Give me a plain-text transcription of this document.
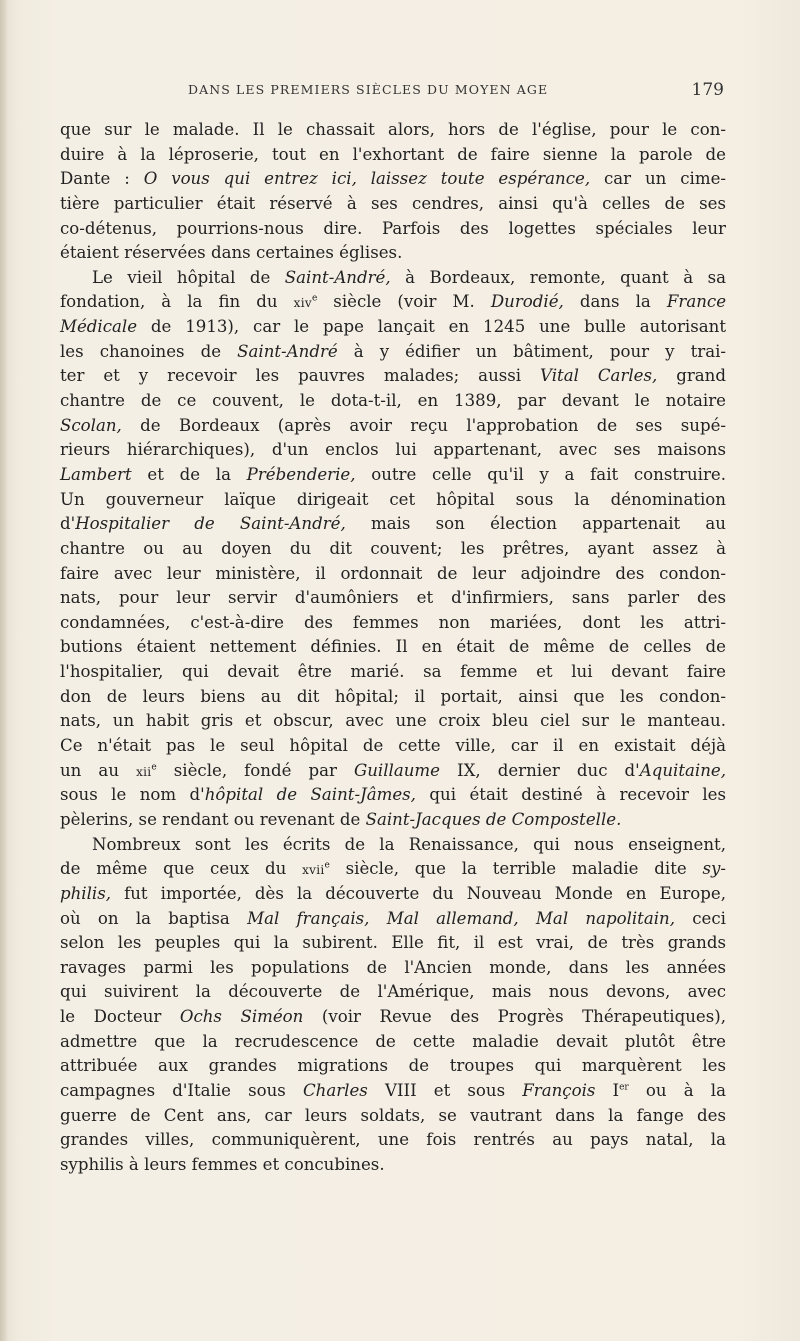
DANS LES PREMIERS SIÈCLES DU MOYEN AGE	179
que sur le malade. Il le chassait alors, hors de l'église, pour le con-
duire à la léproserie, tout en l'exhortant de faire sienne la parole de
Dante : O vous qui entrez ici, laissez toute espérance, car un cime-
tière particulier était réservé à ses cendres, ainsi qu'à celles de ses
co-détenus, pourrions-nous dire. Parfois des logettes spéciales leur
étaient réservées dans certaines églises.
Le vieil hôpital de Saint-André, à Bordeaux, remonte, quant à sa
fondation, à la fin du xiv$^e$ siècle (voir M. Durodié, dans la France
Médicale de 1913), car le pape lançait en 1245 une bulle autorisant
les chanoines de Saint-André à y édifier un bâtiment, pour y trai-
ter et y recevoir les pauvres malades; aussi Vital Carles, grand
chantre de ce couvent, le dota-t-il, en 1389, par devant le notaire
Scolan, de Bordeaux (après avoir reçu l'approbation de ses supé-
rieurs hiérarchiques), d'un enclos lui appartenant, avec ses maisons
Lambert et de la Prébenderie, outre celle qu'il y a fait construire.
Un gouverneur laïque dirigeait cet hôpital sous la dénomination
d'Hospitalier de Saint-André, mais son élection appartenait au
chantre ou au doyen du dit couvent; les prêtres, ayant assez à
faire avec leur ministère, il ordonnait de leur adjoindre des condon-
nats, pour leur servir d'aumôniers et d'infirmiers, sans parler des
condamnées, c'est-à-dire des femmes non mariées, dont les attri-
butions étaient nettement définies. Il en était de même de celles de
l'hospitalier, qui devait être marié. sa femme et lui devant faire
don de leurs biens au dit hôpital; il portait, ainsi que les condon-
nats, un habit gris et obscur, avec une croix bleu ciel sur le manteau.
Ce n'était pas le seul hôpital de cette ville, car il en existait déjà
un au xii$^e$ siècle, fondé par Guillaume IX, dernier duc d'Aquitaine,
sous le nom d'hôpital de Saint-Jâmes, qui était destiné à recevoir les
pèlerins, se rendant ou revenant de Saint-Jacques de Compostelle.
Nombreux sont les écrits de la Renaissance, qui nous enseignent,
de même que ceux du xvii$^e$ siècle, que la terrible maladie dite sy-
philis, fut importée, dès la découverte du Nouveau Monde en Europe,
où on la baptisa Mal français, Mal allemand, Mal napolitain, ceci
selon les peuples qui la subirent. Elle fit, il est vrai, de très grands
ravages parmi les populations de l'Ancien monde, dans les années
qui suivirent la découverte de l'Amérique, mais nous devons, avec
le Docteur Ochs Siméon (voir Revue des Progrès Thérapeutiques),
admettre que la recrudescence de cette maladie devait plutôt être
attribuée aux grandes migrations de troupes qui marquèrent les
campagnes d'Italie sous Charles VIII et sous François Ier ou à la
guerre de Cent ans, car leurs soldats, se vautrant dans la fange des
grandes villes, communiquèrent, une fois rentrés au pays natal, la
syphilis à leurs femmes et concubines.
